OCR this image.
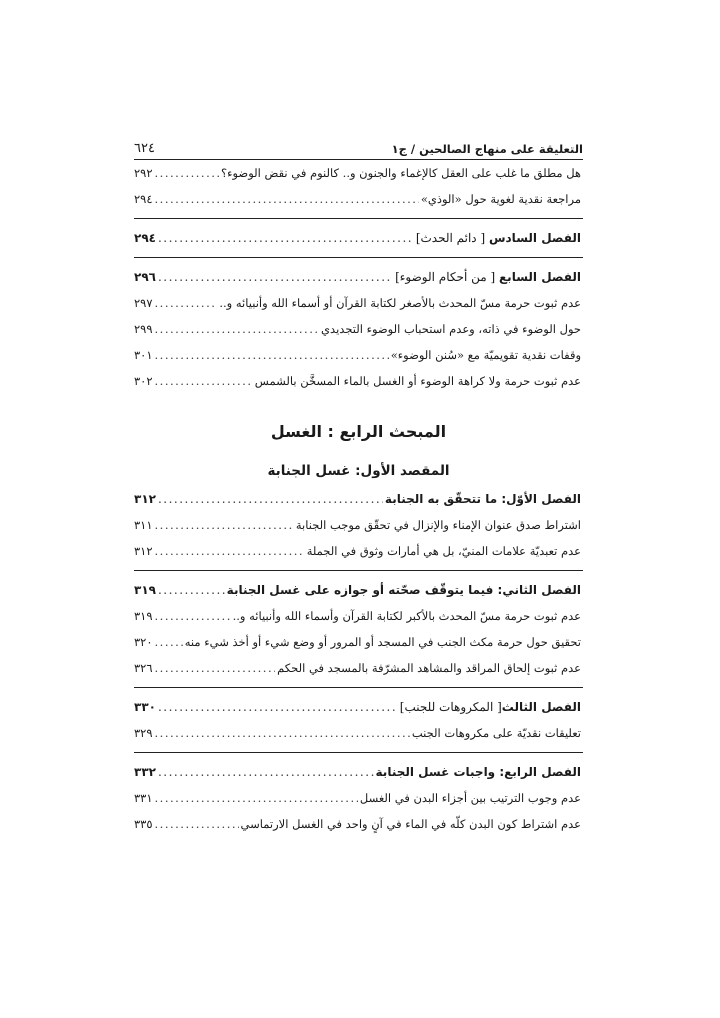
التعليقة على منهاج الصالحين / ج١
٦٢٤
هل مطلق ما غلب على العقل كالإغماء والجنون و.. كالنوم في نقض الوضوء؟
.....
٢٩٢
مراجعة نقدية لغوية حول «الوذي»
.....
٢٩٤
الفصل السادس [ دائم الحدث]
.....
٢٩٤
الفصل السابع [ من أحكام الوضوء]
.....
٢٩٦
عدم ثبوت حرمة مسّ المحدث بالأصغر لكتابة القرآن أو أسماء الله وأنبيائه و..
.....
٢٩٧
حول الوضوء في ذاته، وعدم استحباب الوضوء التجديدي
.....
٢٩٩
وقفات نقدية تقويميّة مع «سُنن الوضوء»
.....
٣٠١
عدم ثبوت حرمة ولا كراهة الوضوء أو الغسل بالماء المسخَّن بالشمس
.....
٣٠٢
المبحث الرابع : الغسل
المقصد الأول: غسل الجنابة
الفصل الأوّل: ما تتحقّق به الجنابة
.....
٣١٢
اشتراط صدق عنوان الإمناء والإنزال في تحقّق موجب الجنابة
.....
٣١١
عدم تعبديّة علامات المنيّ، بل هي أمارات وثوق في الجملة
.....
٣١٢
الفصل الثاني: فيما يتوقّف صحّته أو جوازه على غسل الجنابة
.....
٣١٩
عدم ثبوت حرمة مسّ المحدث بالأكبر لكتابة القرآن وأسماء الله وأنبيائه و..
.....
٣١٩
تحقيق حول حرمة مكث الجنب في المسجد أو المرور أو وضع شيء أو أخذ شيء منه
.....
٣٢٠
عدم ثبوت إلحاق المراقد والمشاهد المشرّفة بالمسجد في الحكم
.....
٣٢٦
الفصل الثالث[ المكروهات للجنب]
.....
٣٣٠
تعليقات نقديّة على مكروهات الجنب
.....
٣٢٩
الفصل الرابع: واجبات غسل الجنابة
.....
٣٣٢
عدم وجوب الترتيب بين أجزاء البدن في الغسل
.....
٣٣١
عدم اشتراط كون البدن كلّه في الماء في آنٍ واحد في الغسل الارتماسي
.....
٣٣٥
